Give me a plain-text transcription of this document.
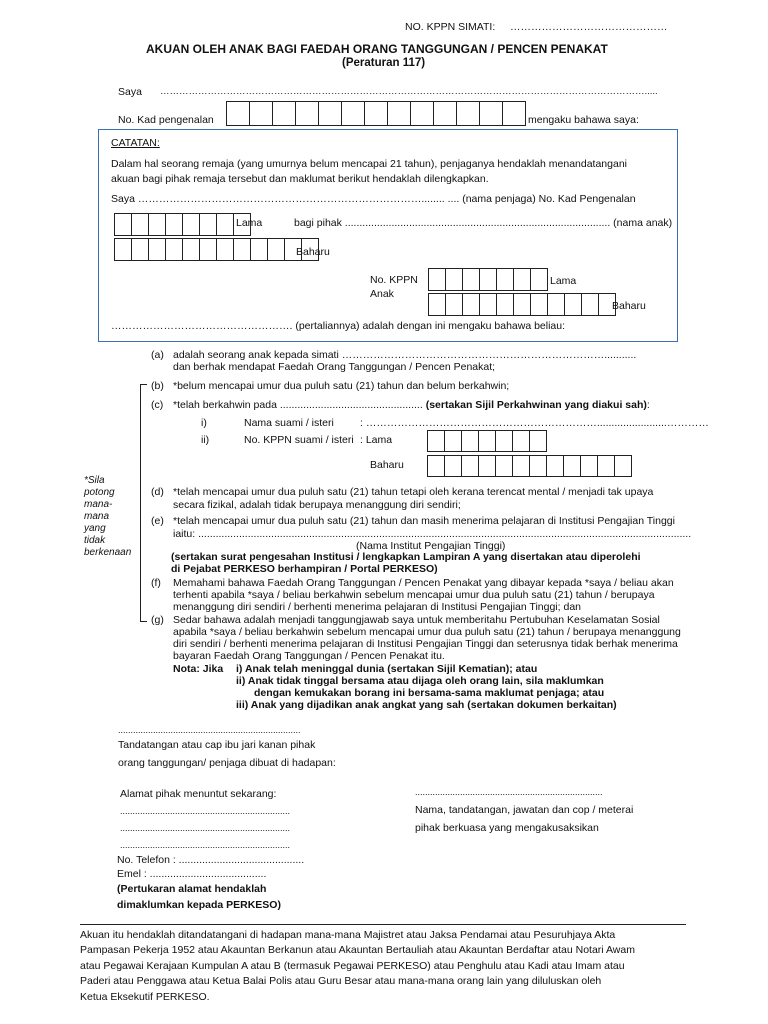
NO. KPPN SIMATI: ………………………………………
AKUAN OLEH ANAK BAGI FAEDAH ORANG TANGGUNGAN / PENCEN PENAKAT
(Peraturan 117)
Saya ……………………………………………………………………………………………………………………………………….....
No. Kad pengenalan	mengaku bahawa saya:
CATATAN:
Dalam hal seorang remaja (yang umurnya belum mencapai 21 tahun), penjaganya hendaklah menandatangani
akuan bagi pihak remaja tersebut dan maklumat berikut hendaklah dilengkapkan.
Saya ………………………………………………………………………........ .... (nama penjaga) No. Kad Pengenalan
Lama	bagi pihak ........................................................................................... (nama anak)
Baharu
No. KPPN
Anak
Lama
Baharu
……………………………………………. (pertaliannya) adalah dengan ini mengaku bahawa beliau:
(a) adalah seorang anak kepada simati …………………………………………………………………...........
dan berhak mendapat Faedah Orang Tanggungan / Pencen Penakat;
(b) *belum mencapai umur dua puluh satu (21) tahun dan belum berkahwin;
(c) *telah berkahwin pada ................................................. (sertakan Sijil Perkahwinan yang diakui sah):
i)	Nama suami / isteri : …………………………………………………………........................…………
ii)	No. KPPN suami / isteri : Lama
Baharu
*Sila
potong
mana-
mana
yang
tidak
berkenaan
(d) *telah mencapai umur dua puluh satu (21) tahun tetapi oleh kerana terencat mental / menjadi tak upaya
secara fizikal, adalah tidak berupaya menanggung diri sendiri;
(e) *telah mencapai umur dua puluh satu (21) tahun dan masih menerima pelajaran di Institusi Pengajian Tinggi
iaitu: .........................................................................................................................................................................
(Nama Institut Pengajian Tinggi)
(sertakan surat pengesahan Institusi / lengkapkan Lampiran A yang disertakan atau diperolehi
di Pejabat PERKESO berhampiran / Portal PERKESO)
(f) Memahami bahawa Faedah Orang Tanggungan / Pencen Penakat yang dibayar kepada *saya / beliau akan
terhenti apabila *saya / beliau berkahwin sebelum mencapai umur dua puluh satu (21) tahun / berupaya
menanggung diri sendiri / berhenti menerima pelajaran di Institusi Pengajian Tinggi; dan
(g) Sedar bahawa adalah menjadi tanggungjawab saya untuk memberitahu Pertubuhan Keselamatan Sosial
apabila *saya / beliau berkahwin sebelum mencapai umur dua puluh satu (21) tahun / berupaya menanggung
diri sendiri / berhenti menerima pelajaran di Institusi Pengajian Tinggi dan seterusnya tidak berhak menerima
bayaran Faedah Orang Tanggungan / Pencen Penakat itu.
Nota: Jika i) Anak telah meninggal dunia (sertakan Sijil Kematian); atau
ii) Anak tidak tinggal bersama atau dijaga oleh orang lain, sila maklumkan
dengan kemukakan borang ini bersama-sama maklumat penjaga; atau
iii) Anak yang dijadikan anak angkat yang sah (sertakan dokumen berkaitan)
.........................................................................
Tandatangan atau cap ibu jari kanan pihak
orang tanggungan/ penjaga dibuat di hadapan:
Alamat pihak menuntut sekarang:
....................................................................
....................................................................
....................................................................
...........................................................................
Nama, tandatangan, jawatan dan cop / meterai
pihak berkuasa yang mengakusaksikan
No. Telefon : ...........................................
Emel : ........................................
(Pertukaran alamat hendaklah
dimaklumkan kepada PERKESO)
Akuan itu hendaklah ditandatangani di hadapan mana-mana Majistret atau Jaksa Pendamai atau Pesuruhjaya Akta
Pampasan Pekerja 1952 atau Akauntan Berkanun atau Akauntan Bertauliah atau Akauntan Berdaftar atau Notari Awam
atau Pegawai Kerajaan Kumpulan A atau B (termasuk Pegawai PERKESO) atau Penghulu atau Kadi atau Imam atau
Paderi atau Penggawa atau Ketua Balai Polis atau Guru Besar atau mana-mana orang lain yang diluluskan oleh
Ketua Eksekutif PERKESO.
